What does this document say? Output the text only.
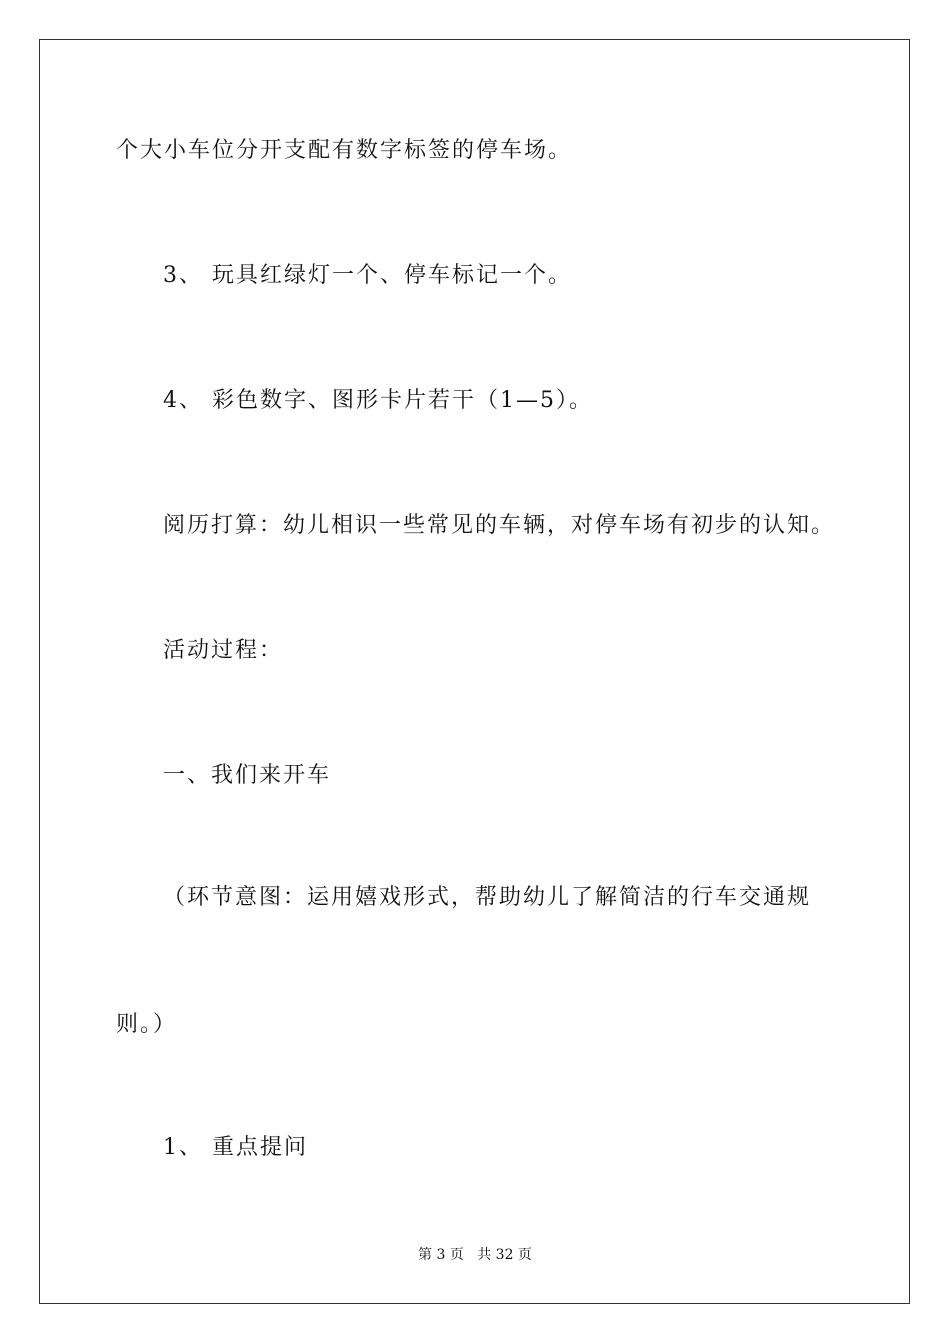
个大小车位分开支配有数字标签的停车场。
3、 玩具红绿灯一个、停车标记一个。
4、 彩色数字、图形卡片若干（1—5）。
阅历打算：幼儿相识一些常见的车辆，对停车场有初步的认知。
活动过程：
一、我们来开车
（环节意图：运用嬉戏形式，帮助幼儿了解简洁的行车交通规
则。）
1、 重点提问
第 3 页 共 32 页
